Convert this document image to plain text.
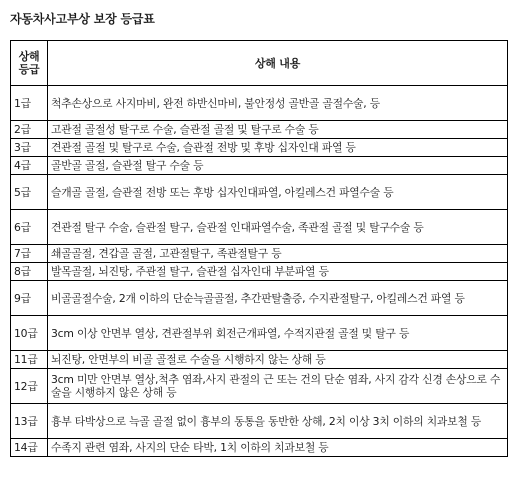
자동차사고부상 보장 등급표
상해
등급	상해 내용
1급	척추손상으로 사지마비, 완전 하반신마비, 불안정성 골반골 골절수술, 등
2급	고관절 골절성 탈구로 수술, 슬관절 골절 및 탈구로 수술 등
3급	견관절 골절 및 탈구로 수술, 슬관절 전방 및 후방 십자인대 파열 등
4급	골반골 골절, 슬관절 탈구 수술 등
5급	슬개골 골절, 슬관절 전방 또는 후방 십자인대파열, 아킬레스건 파열수술 등
6급	견관절 탈구 수술, 슬관절 탈구, 슬관절 인대파열수술, 족관절 골절 및 탈구수술 등
7급	쇄골골절, 견갑골 골절, 고관절탈구, 족관절탈구 등
8급	발목골절, 뇌진탕, 주관절 탈구, 슬관절 십자인대 부분파열 등
9급	비골골절수술, 2개 이하의 단순늑골골절, 추간판탈출증, 수지관절탈구, 아킬레스건 파열 등
10급	3cm 이상 안면부 열상, 견관절부위 회전근개파열, 수적지관절 골절 및 탈구 등
11급	뇌진탕, 안면부의 비골 골절로 수술을 시행하지 않는 상해 등
12급	3cm 미만 안면부 열상,척추 염좌,사지 관절의 근 또는 건의 단순 염좌, 사지 감각 신경 손상으로 수술을 시행하지 않은 상해 등
13급	흉부 타박상으로 늑골 골절 없이 흉부의 동통을 동반한 상해, 2치 이상 3치 이하의 치과보철 등
14급	수족지 관련 염좌, 사지의 단순 타박, 1치 이하의 치과보철 등
